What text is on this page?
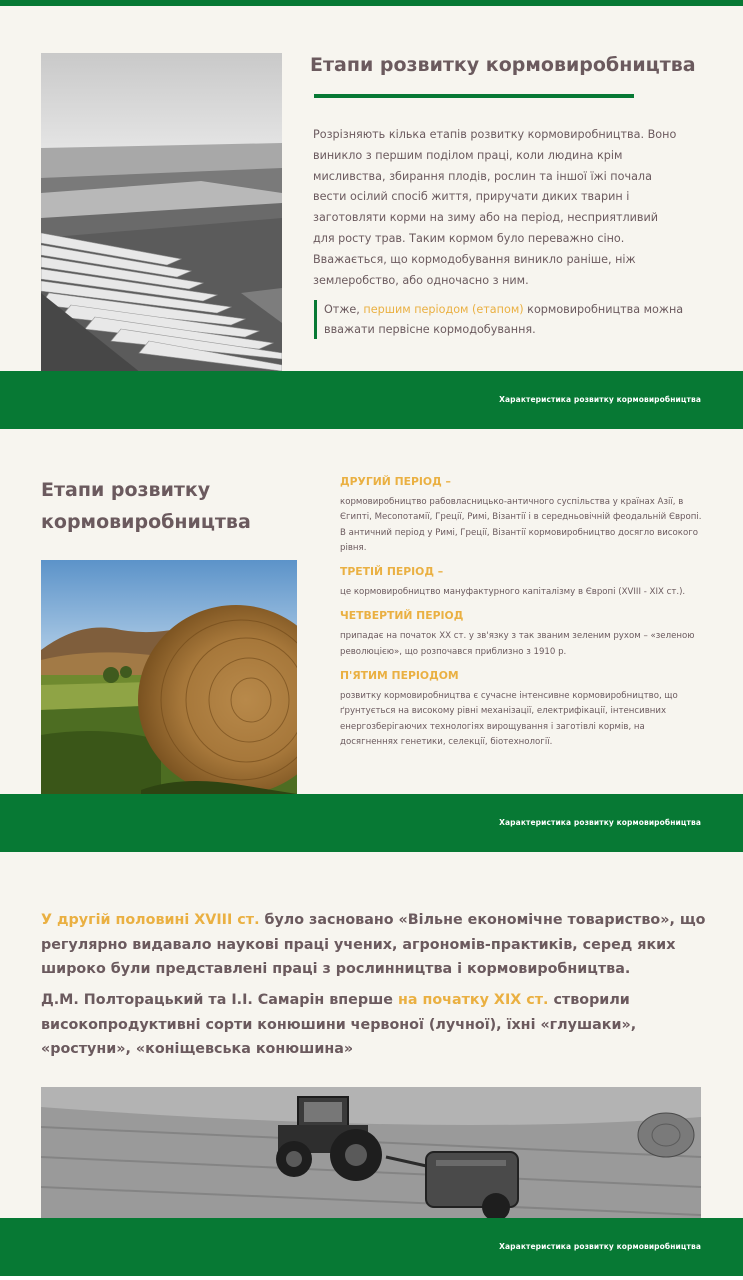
Етапи розвитку кормовиробництва

Розрізняють кілька етапів розвитку кормовиробництва. Воно виникло з першим поділом праці, коли людина крім мисливства, збирання плодів, рослин та іншої їжі почала вести осілий спосіб життя, приручати диких тварин і заготовляти корми на зиму або на період, несприятливий для росту трав. Таким кормом було переважно сіно. Вважається, що кормодобування виникло раніше, ніж землеробство, або одночасно з ним.

Отже, першим періодом (етапом) кормовиробництва можна вважати первісне кормодобування.

Характеристика розвитку кормовиробництва
Етапи розвитку
кормовиробництва
ДРУГИЙ ПЕРІОД –
кормовиробництво рабовласницько-античного суспільства у країнах Азії, в Єгипті, Месопотамії, Греції, Римі, Візантії і в середньовічній феодальній Європі. В античний період у Римі, Греції, Візантії кормовиробництво досягло високого рівня.
ТРЕТІЙ ПЕРІОД –
це кормовиробництво мануфактурного капіталізму в Європі (XVIII - XIX ст.).
ЧЕТВЕРТИЙ ПЕРІОД
припадає на початок ХХ ст. у зв'язку з так званим зеленим рухом – «зеленою революцією», що розпочався приблизно з 1910 р.
П'ЯТИМ ПЕРІОДОМ
розвитку кормовиробництва є сучасне інтенсивне кормовиробництво, що ґрунтується на високому рівні механізації, електрифікації, інтенсивних енергозберігаючих технологіях вирощування і заготівлі кормів, на досягненнях генетики, селекції, біотехнології.
Характеристика розвитку кормовиробництва

У другій половині XVIII ст. було засновано «Вільне економічне товариство», що регулярно видавало наукові праці учених, агрономів-практиків, серед яких широко були представлені праці з рослинництва і кормовиробництва.

Д.М. Полторацький та І.І. Самарін вперше на початку XIX ст. створили високопродуктивні сорти конюшини червоної (лучної), їхні «глушаки», «ростуни», «коніщевська конюшина»

Характеристика розвитку кормовиробництва
